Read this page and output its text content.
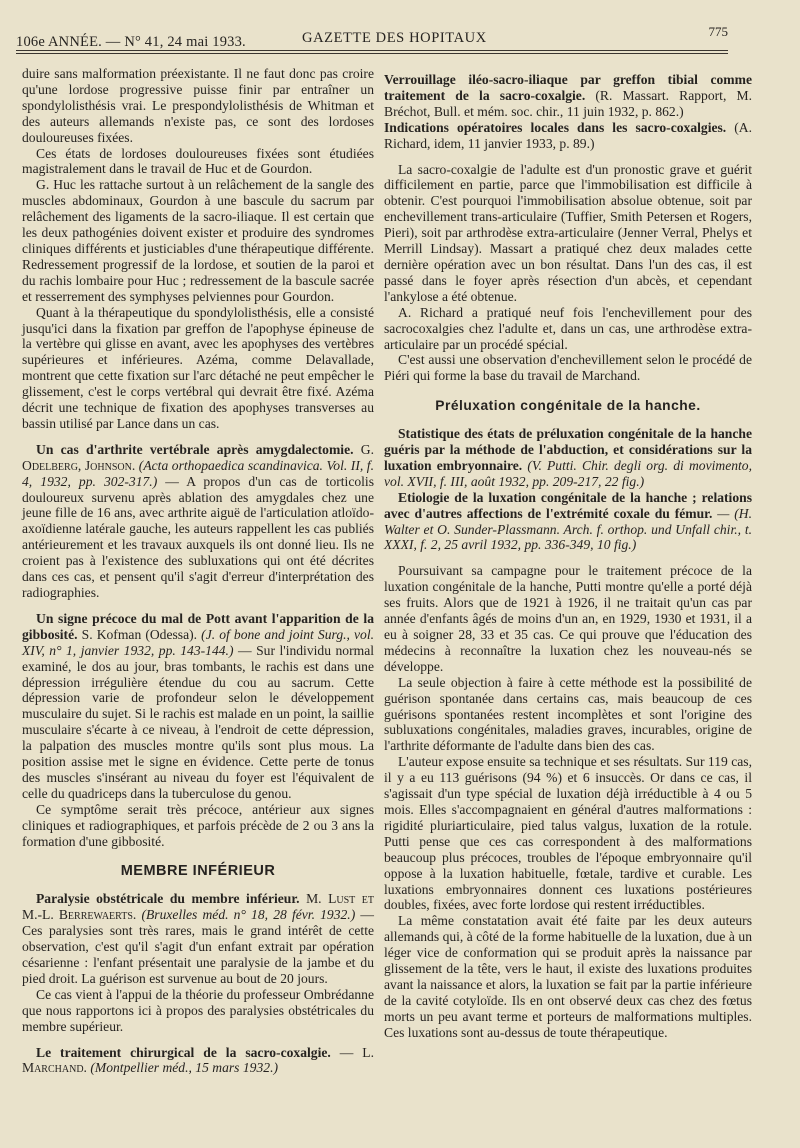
106e ANNÉE. — N° 41, 24 mai 1933.	GAZETTE DES HOPITAUX	775

duire sans malformation préexistante. Il ne faut donc pas croire qu'une lordose progressive puisse finir par entraîner un spondylolisthésis vrai. Le prespondylolisthésis de Whitman et des auteurs allemands n'existe pas, ce sont des lordoses douloureuses fixées.

Ces états de lordoses douloureuses fixées sont étudiées magistralement dans le travail de Huc et de Gourdon.

G. Huc les rattache surtout à un relâchement de la sangle des muscles abdominaux, Gourdon à une bascule du sacrum par relâchement des ligaments de la sacro-iliaque. Il est certain que les deux pathogénies doivent exister et produire des syndromes cliniques différents et justiciables d'une thérapeutique différente. Redressement progressif de la lordose, et soutien de la paroi et du rachis lombaire pour Huc ; redressement de la bascule sacrée et resserrement des symphyses pelviennes pour Gourdon.

Quant à la thérapeutique du spondylolisthésis, elle a consisté jusqu'ici dans la fixation par greffon de l'apophyse épineuse de la vertèbre qui glisse en avant, avec les apophyses des vertèbres supérieures et inférieures. Azéma, comme Delavallade, montrent que cette fixation sur l'arc détaché ne peut empêcher le glissement, c'est le corps vertébral qui devrait être fixé. Azéma décrit une technique de fixation des apophyses transverses au bassin utilisé par Lance dans un cas.

Un cas d'arthrite vertébrale après amygdalectomie. G. Odelberg, Johnson. (Acta orthopaedica scandinavica. Vol. II, f. 4, 1932, pp. 302-317.) — A propos d'un cas de torticolis douloureux survenu après ablation des amygdales chez une jeune fille de 16 ans, avec arthrite aiguë de l'articulation atloïdo-axoïdienne latérale gauche, les auteurs rappellent les cas publiés antérieurement et les travaux auxquels ils ont donné lieu. Ils ne croient pas à l'existence des subluxations qui ont été décrites dans ces cas, et pensent qu'il s'agit d'erreur d'interprétation des radiographies.

Un signe précoce du mal de Pott avant l'apparition de la gibbosité. S. Kofman (Odessa). (J. of bone and joint Surg., vol. XIV, n° 1, janvier 1932, pp. 143-144.) — Sur l'individu normal examiné, le dos au jour, bras tombants, le rachis est dans une dépression irrégulière étendue du cou au sacrum. Cette dépression varie de profondeur selon le développement musculaire du sujet. Si le rachis est malade en un point, la saillie musculaire s'écarte à ce niveau, à l'endroit de cette dépression, la palpation des muscles montre qu'ils sont plus mous. La position assise met le signe en évidence. Cette perte de tonus des muscles s'insérant au niveau du foyer est l'équivalent de celle du quadriceps dans la tuberculose du genou.

Ce symptôme serait très précoce, antérieur aux signes cliniques et radiographiques, et parfois précède de 2 ou 3 ans la formation d'une gibbosité.

MEMBRE INFÉRIEUR

Paralysie obstétricale du membre inférieur. M. Lust et M.-L. Berrewaerts. (Bruxelles méd. n° 18, 28 févr. 1932.) — Ces paralysies sont très rares, mais le grand intérêt de cette observation, c'est qu'il s'agit d'un enfant extrait par opération césarienne : l'enfant présentait une paralysie de la jambe et du pied droit. La guérison est survenue au bout de 20 jours.

Ce cas vient à l'appui de la théorie du professeur Ombrédanne que nous rapportons ici à propos des paralysies obstétricales du membre supérieur.

Le traitement chirurgical de la sacro-coxalgie. — L. Marchand. (Montpellier méd., 15 mars 1932.)

Verrouillage iléo-sacro-iliaque par greffon tibial comme traitement de la sacro-coxalgie. (R. Massart. Rapport, M. Bréchot, Bull. et mém. soc. chir., 11 juin 1932, p. 862.)

Indications opératoires locales dans les sacro-coxalgies. (A. Richard, idem, 11 janvier 1933, p. 89.)

La sacro-coxalgie de l'adulte est d'un pronostic grave et guérit difficilement en partie, parce que l'immobilisation est difficile à obtenir. C'est pourquoi l'immobilisation absolue obtenue, soit par enchevillement trans-articulaire (Tuffier, Smith Petersen et Rogers, Pieri), soit par arthrodèse extra-articulaire (Jenner Verral, Phelys et Merrill Lindsay). Massart a pratiqué chez deux malades cette dernière opération avec un bon résultat. Dans l'un des cas, il est passé dans le foyer après résection d'un abcès, et cependant l'ankylose a été obtenue.

A. Richard a pratiqué neuf fois l'enchevillement pour des sacrocoxalgies chez l'adulte et, dans un cas, une arthrodèse extra-articulaire par un procédé spécial.

C'est aussi une observation d'enchevillement selon le procédé de Piéri qui forme la base du travail de Marchand.

Préluxation congénitale de la hanche.

Statistique des états de préluxation congénitale de la hanche guéris par la méthode de l'abduction, et considérations sur la luxation embryonnaire. (V. Putti. Chir. degli org. di movimento, vol. XVII, f. III, août 1932, pp. 209-217, 22 fig.)

Etiologie de la luxation congénitale de la hanche ; relations avec d'autres affections de l'extrémité coxale du fémur. — (H. Walter et O. Sunder-Plassmann. Arch. f. orthop. und Unfall chir., t. XXXI, f. 2, 25 avril 1932, pp. 336-349, 10 fig.)

Poursuivant sa campagne pour le traitement précoce de la luxation congénitale de la hanche, Putti montre qu'elle a porté déjà ses fruits. Alors que de 1921 à 1926, il ne traitait qu'un cas par année d'enfants âgés de moins d'un an, en 1929, 1930 et 1931, il a eu à soigner 28, 33 et 35 cas. Ce qui prouve que l'éducation des médecins à reconnaître la luxation chez les nouveau-nés se développe.

La seule objection à faire à cette méthode est la possibilité de guérison spontanée dans certains cas, mais beaucoup de ces guérisons spontanées restent incomplètes et sont l'origine des subluxations congénitales, maladies graves, incurables, origine de l'arthrite déformante de l'adulte dans bien des cas.

L'auteur expose ensuite sa technique et ses résultats. Sur 119 cas, il y a eu 113 guérisons (94 %) et 6 insuccès. Or dans ce cas, il s'agissait d'un type spécial de luxation déjà irréductible à 4 ou 5 mois. Elles s'accompagnaient en général d'autres malformations : rigidité pluriarticulaire, pied talus valgus, luxation de la rotule. Putti pense que ces cas correspondent à des malformations beaucoup plus précoces, troubles de l'époque embryonnaire qu'il oppose à la luxation habituelle, fœtale, tardive et curable. Les luxations embryonnaires donnent ces luxations postérieures doubles, fixées, avec forte lordose qui restent irréductibles.

La même constatation avait été faite par les deux auteurs allemands qui, à côté de la forme habituelle de la luxation, due à un léger vice de conformation qui se produit après la naissance par glissement de la tête, vers le haut, il existe des luxations produites avant la naissance et alors, la luxation se fait par la partie inférieure de la cavité cotyloïde. Ils en ont observé deux cas chez des fœtus morts un peu avant terme et porteurs de malformations multiples. Ces luxations sont au-dessus de toute thérapeutique.
